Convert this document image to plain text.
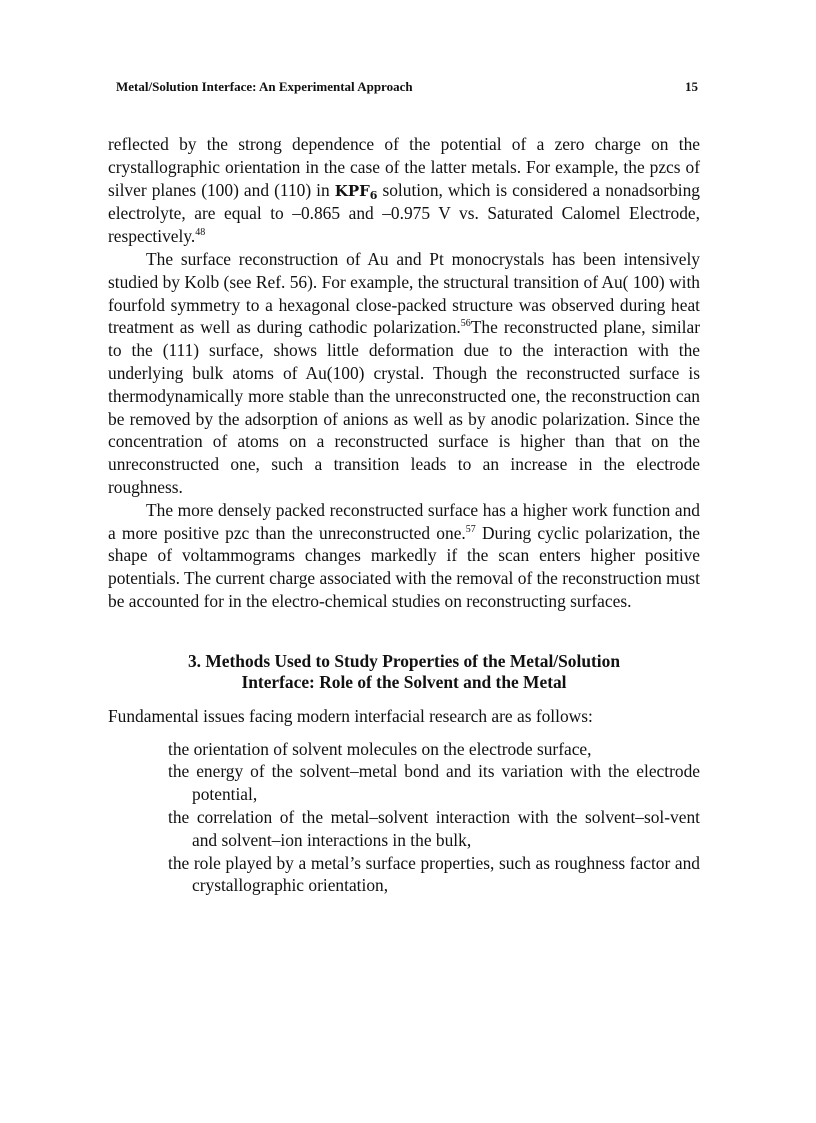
Metal/Solution Interface: An Experimental Approach	15

reflected by the strong dependence of the potential of a zero charge on the crystallographic orientation in the case of the latter metals. For example, the pzcs of silver planes (100) and (110) in $KPF_6$ solution, which is considered a nonadsorbing electrolyte, are equal to –0.865 and –0.975 V vs. Saturated Calomel Electrode, respectively.$^{48}$

The surface reconstruction of Au and Pt monocrystals has been intensively studied by Kolb (see Ref. 56). For example, the structural transition of Au( 100) with fourfold symmetry to a hexagonal close-packed structure was observed during heat treatment as well as during cathodic polarization.$^{56}$The reconstructed plane, similar to the (111) surface, shows little deformation due to the interaction with the underlying bulk atoms of Au(100) crystal. Though the reconstructed surface is thermodynamically more stable than the unreconstructed one, the reconstruction can be removed by the adsorption of anions as well as by anodic polarization. Since the concentration of atoms on a reconstructed surface is higher than that on the unreconstructed one, such a transition leads to an increase in the electrode roughness.

The more densely packed reconstructed surface has a higher work function and a more positive pzc than the unreconstructed one.$^{57}$ During cyclic polarization, the shape of voltammograms changes markedly if the scan enters higher positive potentials. The current charge associated with the removal of the reconstruction must be accounted for in the electro-chemical studies on reconstructing surfaces.

3. Methods Used to Study Properties of the Metal/Solution
Interface: Role of the Solvent and the Metal

Fundamental issues facing modern interfacial research are as follows:

the orientation of solvent molecules on the electrode surface,
the energy of the solvent–metal bond and its variation with the electrode potential,
the correlation of the metal–solvent interaction with the solvent–sol-vent and solvent–ion interactions in the bulk,
the role played by a metal’s surface properties, such as roughness factor and crystallographic orientation,
